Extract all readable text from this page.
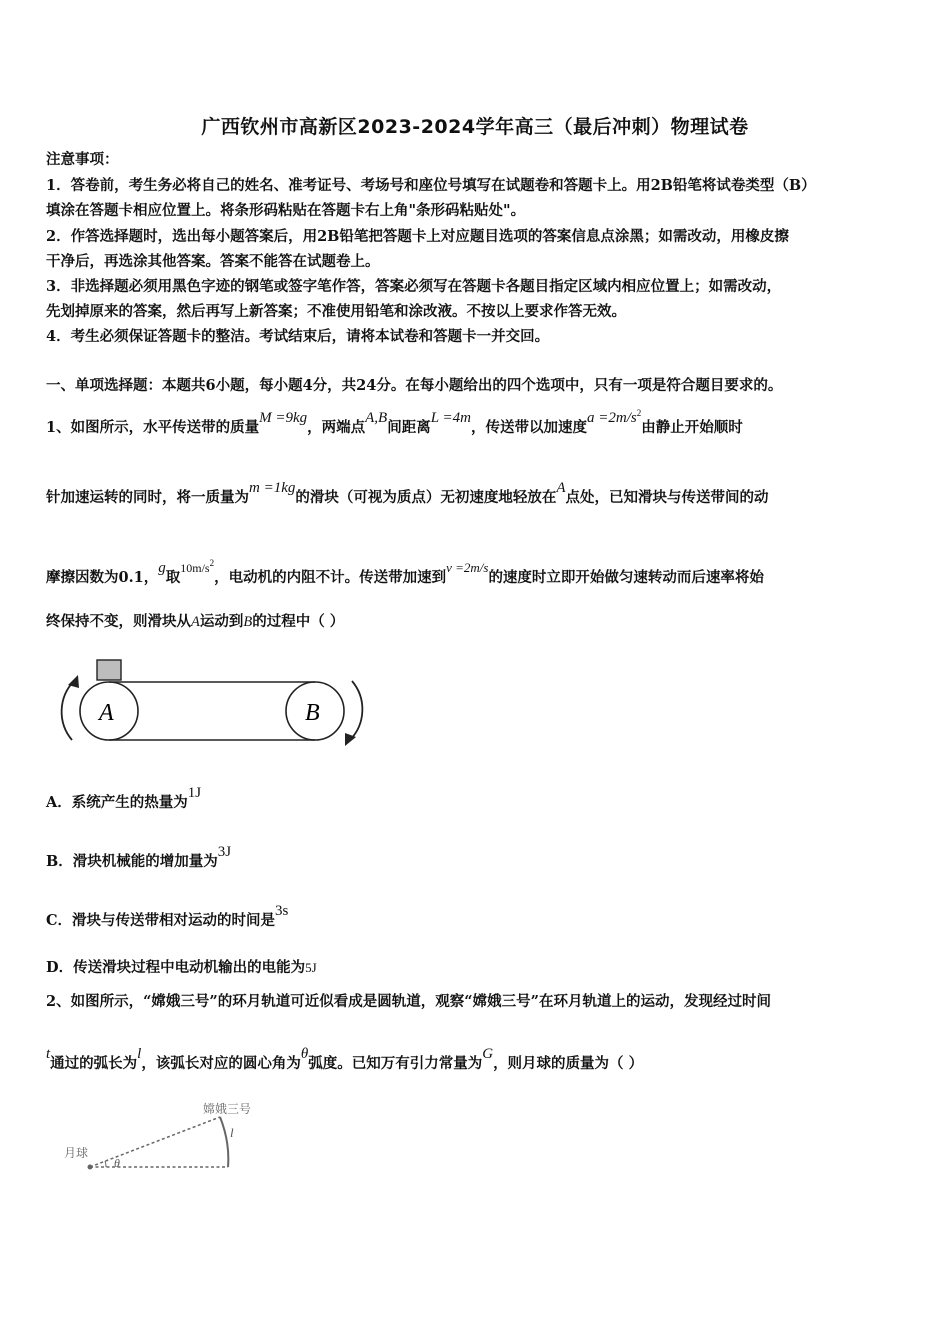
广西钦州市高新区2023-2024学年高三（最后冲刺）物理试卷
注意事项：
1．答卷前，考生务必将自己的姓名、准考证号、考场号和座位号填写在试题卷和答题卡上。用2B铅笔将试卷类型（B）
填涂在答题卡相应位置上。将条形码粘贴在答题卡右上角"条形码粘贴处"。
2．作答选择题时，选出每小题答案后，用2B铅笔把答题卡上对应题目选项的答案信息点涂黑；如需改动，用橡皮擦
干净后，再选涂其他答案。答案不能答在试题卷上。
3．非选择题必须用黑色字迹的钢笔或签字笔作答，答案必须写在答题卡各题目指定区域内相应位置上；如需改动，
先划掉原来的答案，然后再写上新答案；不准使用铅笔和涂改液。不按以上要求作答无效。
4．考生必须保证答题卡的整洁。考试结束后，请将本试卷和答题卡一并交回。
一、单项选择题：本题共6小题，每小题4分，共24分。在每小题给出的四个选项中，只有一项是符合题目要求的。
1、如图所示，水平传送带的质量M =9kg，两端点A,B间距离L =4m，传送带以加速度$a =2m/s^2$由静止开始顺时
针加速运转的同时，将一质量为m =1kg的滑块（可视为质点）无初速度地轻放在A点处，已知滑块与传送带间的动
摩擦因数为0.1，g取$10m/s^2$，电动机的内阻不计。传送带加速到v =2m/s的速度时立即开始做匀速转动而后速率将始
终保持不变，则滑块从A运动到B的过程中（ ）
A	B
A．系统产生的热量为1J
B．滑块机械能的增加量为3J
C．滑块与传送带相对运动的时间是3s
D．传送滑块过程中电动机输出的电能为5J
2、如图所示，“嫦娥三号”的环月轨道可近似看成是圆轨道，观察“嫦娥三号”在环月轨道上的运动，发现经过时间
t通过的弧长为l，该弧长对应的圆心角为θ弧度。已知万有引力常量为G，则月球的质量为（ ）
嫦娥三号
月球
l
θ
